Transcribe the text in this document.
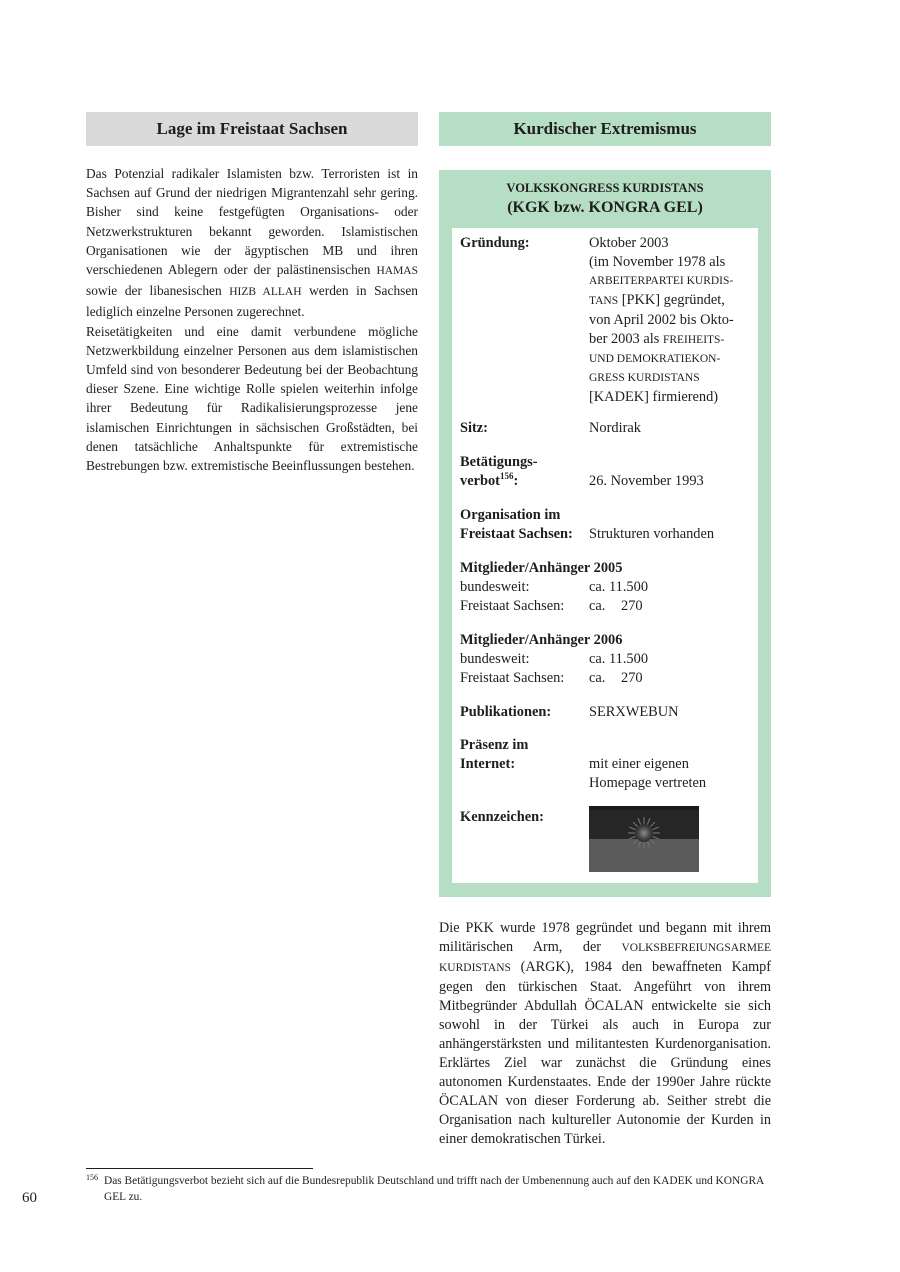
Lage im Freistaat Sachsen	Kurdischer Extremismus

Das Potenzial radikaler Islamisten bzw. Terroristen ist in Sachsen auf Grund der niedrigen Migrantenzahl sehr gering. Bisher sind keine festgefügten Organisations- oder Netzwerkstrukturen bekannt geworden. Islamistischen Organisationen wie der ägyptischen MB und ihren verschiedenen Ablegern oder der palästinensischen HAMAS sowie der libanesischen HIZB ALLAH werden in Sachsen lediglich einzelne Personen zugerechnet.

Reisetätigkeiten und eine damit verbundene mögliche Netzwerkbildung einzelner Personen aus dem islamistischen Umfeld sind von besonderer Bedeutung bei der Beobachtung dieser Szene. Eine wichtige Rolle spielen weiterhin infolge ihrer Bedeutung für Radikalisierungsprozesse jene islamischen Einrichtungen in sächsischen Großstädten, bei denen tatsächliche Anhaltspunkte für extremistische Bestrebungen bzw. extremistische Beeinflussungen bestehen.

VOLKSKONGRESS KURDISTANS
(KGK bzw. KONGRA GEL)
Gründung:	Oktober 2003
(im November 1978 als
ARBEITERPARTEI KURDIS-
TANS [PKK] gegründet,
von April 2002 bis Okto-
ber 2003 als FREIHEITS-
UND DEMOKRATIEKON-
GRESS KURDISTANS
[KADEK] firmierend)
Sitz:	Nordirak
Betätigungs-
verbot$^{156}$:	26. November 1993
Organisation im
Freistaat Sachsen:	Strukturen vorhanden
Mitglieder/Anhänger 2005
bundesweit:	ca. 11.500
Freistaat Sachsen: ca. 270
Mitglieder/Anhänger 2006
bundesweit:	ca. 11.500
Freistaat Sachsen: ca. 270
Publikationen:	SERXWEBUN
Präsenz im
Internet:	mit einer eigenen
Homepage vertreten
Kennzeichen:

Die PKK wurde 1978 gegründet und begann mit ihrem militärischen Arm, der VOLKSBEFREIUNGSARMEE KURDISTANS (ARGK), 1984 den bewaffneten Kampf gegen den türkischen Staat. Angeführt von ihrem Mitbegründer Abdullah ÖCALAN entwickelte sie sich sowohl in der Türkei als auch in Europa zur anhängerstärksten und militantesten Kurdenorganisation. Erklärtes Ziel war zunächst die Gründung eines autonomen Kurdenstaates. Ende der 1990er Jahre rückte ÖCALAN von dieser Forderung ab. Seither strebt die Organisation nach kultureller Autonomie der Kurden in einer demokratischen Türkei.

156 Das Betätigungsverbot bezieht sich auf die Bundesrepublik Deutschland und trifft nach der Umbenennung auch auf den KADEK und KONGRA GEL zu.
60
